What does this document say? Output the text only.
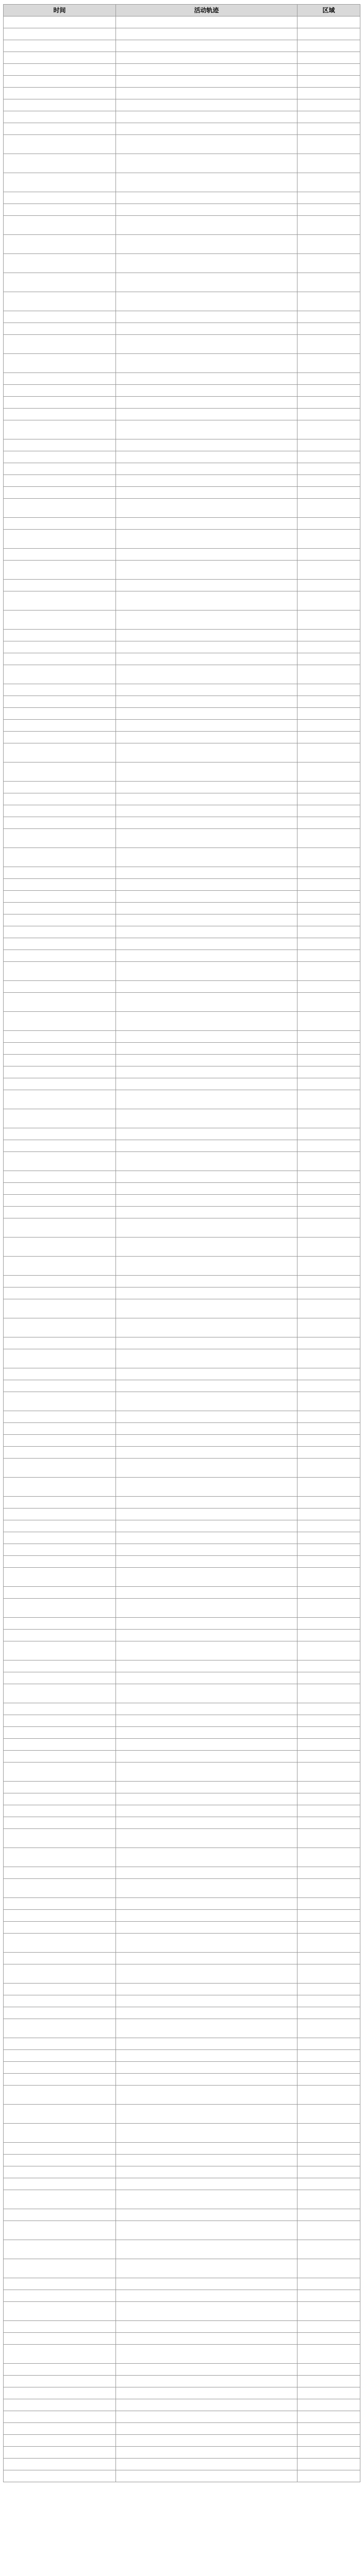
时间	活动轨迹	区域
